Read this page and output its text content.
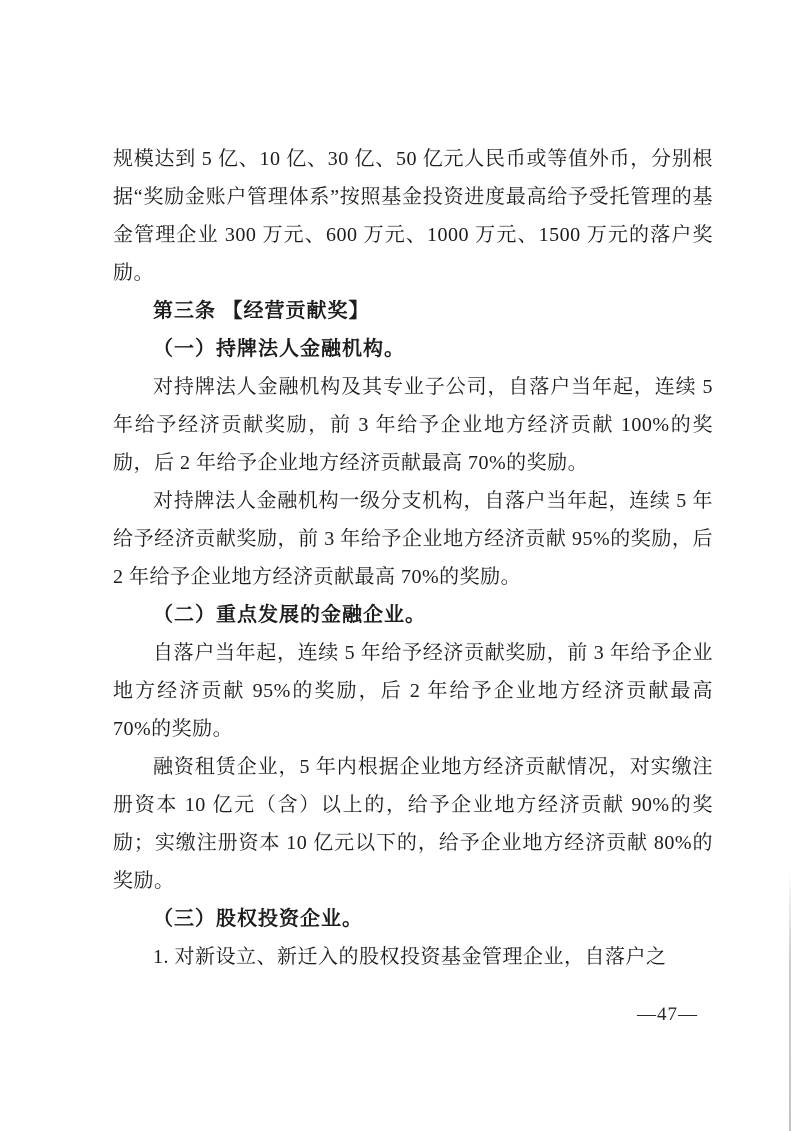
规模达到 5 亿、10 亿、30 亿、50 亿元人民币或等值外币，分别根据“奖励金账户管理体系”按照基金投资进度最高给予受托管理的基金管理企业 300 万元、600 万元、1000 万元、1500 万元的落户奖励。
第三条 【经营贡献奖】
（一）持牌法人金融机构。
对持牌法人金融机构及其专业子公司，自落户当年起，连续 5 年给予经济贡献奖励，前 3 年给予企业地方经济贡献 100%的奖励，后 2 年给予企业地方经济贡献最高 70%的奖励。
对持牌法人金融机构一级分支机构，自落户当年起，连续 5 年给予经济贡献奖励，前 3 年给予企业地方经济贡献 95%的奖励，后 2 年给予企业地方经济贡献最高 70%的奖励。
（二）重点发展的金融企业。
自落户当年起，连续 5 年给予经济贡献奖励，前 3 年给予企业地方经济贡献 95%的奖励，后 2 年给予企业地方经济贡献最高 70%的奖励。
融资租赁企业，5 年内根据企业地方经济贡献情况，对实缴注册资本 10 亿元（含）以上的，给予企业地方经济贡献 90%的奖励；实缴注册资本 10 亿元以下的，给予企业地方经济贡献 80%的奖励。
（三）股权投资企业。
1. 对新设立、新迁入的股权投资基金管理企业，自落户之
—47—
